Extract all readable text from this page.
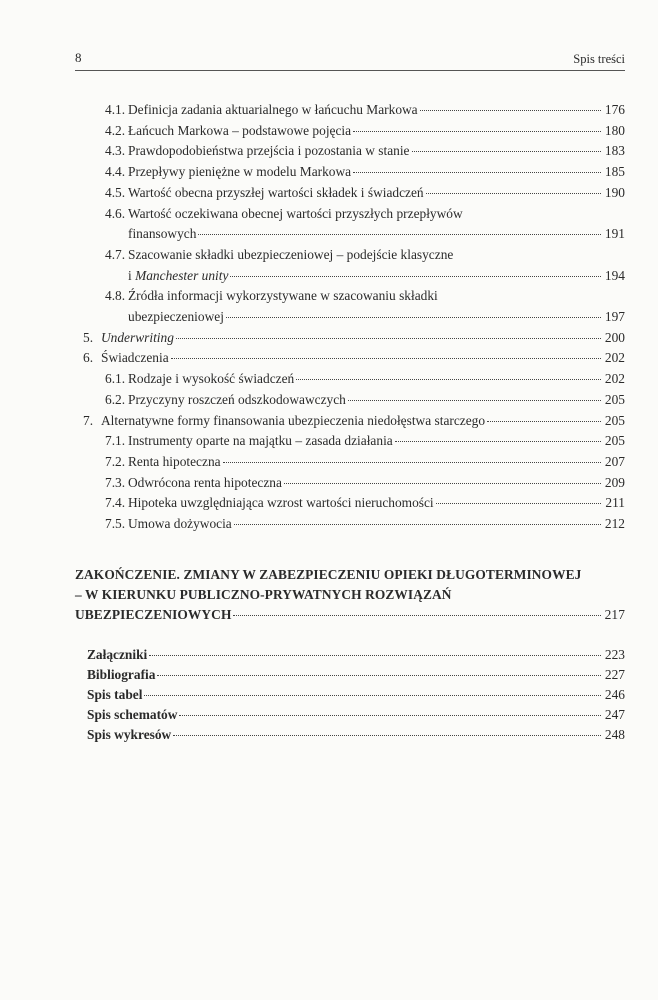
8	Spis treści
4.1. Definicja zadania aktuarialnego w łańcuchu Markowa	176
4.2. Łańcuch Markowa – podstawowe pojęcia	180
4.3. Prawdopodobieństwa przejścia i pozostania w stanie	183
4.4. Przepływy pieniężne w modelu Markowa	185
4.5. Wartość obecna przyszłej wartości składek i świadczeń	190
4.6. Wartość oczekiwana obecnej wartości przyszłych przepływów
finansowych	191
4.7. Szacowanie składki ubezpieczeniowej – podejście klasyczne
i Manchester unity	194
4.8. Źródła informacji wykorzystywane w szacowaniu składki
ubezpieczeniowej	197
5. Underwriting	200
6. Świadczenia	202
6.1. Rodzaje i wysokość świadczeń	202
6.2. Przyczyny roszczeń odszkodowawczych	205
7. Alternatywne formy finansowania ubezpieczenia niedołęstwa starczego	205
7.1. Instrumenty oparte na majątku – zasada działania	205
7.2. Renta hipoteczna	207
7.3. Odwrócona renta hipoteczna	209
7.4. Hipoteka uwzględniająca wzrost wartości nieruchomości	211
7.5. Umowa dożywocia	212
ZAKOŃCZENIE. ZMIANY W ZABEZPIECZENIU OPIEKI DŁUGOTERMINOWEJ
– W KIERUNKU PUBLICZNO-PRYWATNYCH ROZWIĄZAŃ
UBEZPIECZENIOWYCH	217
Załączniki	223
Bibliografia	227
Spis tabel	246
Spis schematów	247
Spis wykresów	248
